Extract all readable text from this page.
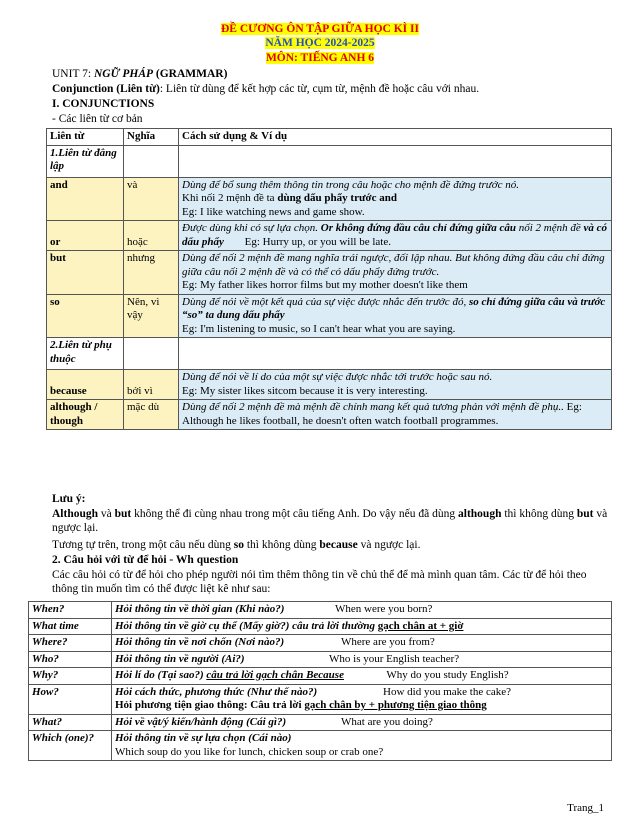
ĐỀ CƯƠNG ÔN TẬP GIỮA HỌC KÌ II
NĂM HỌC 2024-2025
MÔN: TIẾNG ANH 6
UNIT 7: NGỮ PHÁP (GRAMMAR)
Conjunction (Liên từ): Liên từ dùng để kết hợp các từ, cụm từ, mệnh đề hoặc câu với nhau.
I. CONJUNCTIONS
- Các liên từ cơ bản
Liên từ	Nghĩa	Cách sử dụng & Ví dụ
1.Liên từ đẳng lập		
and	và	Dùng để bổ sung thêm thông tin trong câu hoặc cho mệnh đề đứng trước nó.
Khi nối 2 mệnh đề ta dùng dấu phẩy trước and
Eg: I like watching news and game show.

or	hoặc	Được dùng khi có sự lựa chọn. Or không đứng đầu câu chỉ đứng giữa câu nối 2 mệnh đề và có dấu phẩy Eg: Hurry up, or you will be late.
but	nhưng	Dùng để nối 2 mệnh đề mang nghĩa trái ngược, đối lập nhau. But không đứng đầu câu chỉ đứng giữa câu nối 2 mệnh đề và có thể có dấu phẩy đứng trước.
Eg: My father likes horror films but my mother doesn't like them

so	Nên, vì vậy	Dùng để nói về một kết quả của sự việc được nhắc đến trước đó, so chỉ đứng giữa câu và trước “so” ta dung dấu phẩy
Eg: I'm listening to music, so I can't hear what you are saying.

2.Liên từ phụ thuộc		
because	bởi vì	Dùng để nói về lí do của một sự việc được nhắc tới trước hoặc sau nó.
Eg: My sister likes sitcom because it is very interesting.

although / though	mặc dù	Dùng để nối 2 mệnh đề mà mệnh đề chính mang kết quả tương phản với mệnh đề phụ.. Eg: Although he likes football, he doesn't often watch football programmes.
Lưu ý:
Although và but không thể đi cùng nhau trong một câu tiếng Anh. Do vậy nếu đã dùng although thì không dùng but và ngược lại.
Tương tự trên, trong một câu nếu dùng so thì không dùng because và ngược lại.
2. Câu hỏi với từ để hỏi - Wh question
Các câu hỏi có từ để hỏi cho phép người nói tìm thêm thông tin về chủ thể để mà mình quan tâm. Các từ để hỏi theo thông tin muốn tìm có thể được liệt kê như sau:
When?	Hỏi thông tin về thời gian (Khi nào?) When were you born?
What time	Hỏi thông tin về giờ cụ thể (Mấy giờ?) câu trả lời thường gạch chân at + giờ
Where?	Hỏi thông tin về nơi chốn (Nơi nào?) Where are you from?
Who?	Hỏi thông tin về người (Ai?) Who is your English teacher?
Why?	Hỏi lí do (Tại sao?) câu trả lời gạch chân Because Why do you study English?
How?	Hỏi cách thức, phương thức (Như thế nào?) How did you make the cake?
Hỏi phương tiện giao thông: Câu trả lời gạch chân by + phương tiện giao thông

What?	Hỏi về vật/ý kiến/hành động (Cái gì?) What are you doing?
Which (one)?	Hỏi thông tin về sự lựa chọn (Cái nào)
Which soup do you like for lunch, chicken soup or crab one?
Trang_1
